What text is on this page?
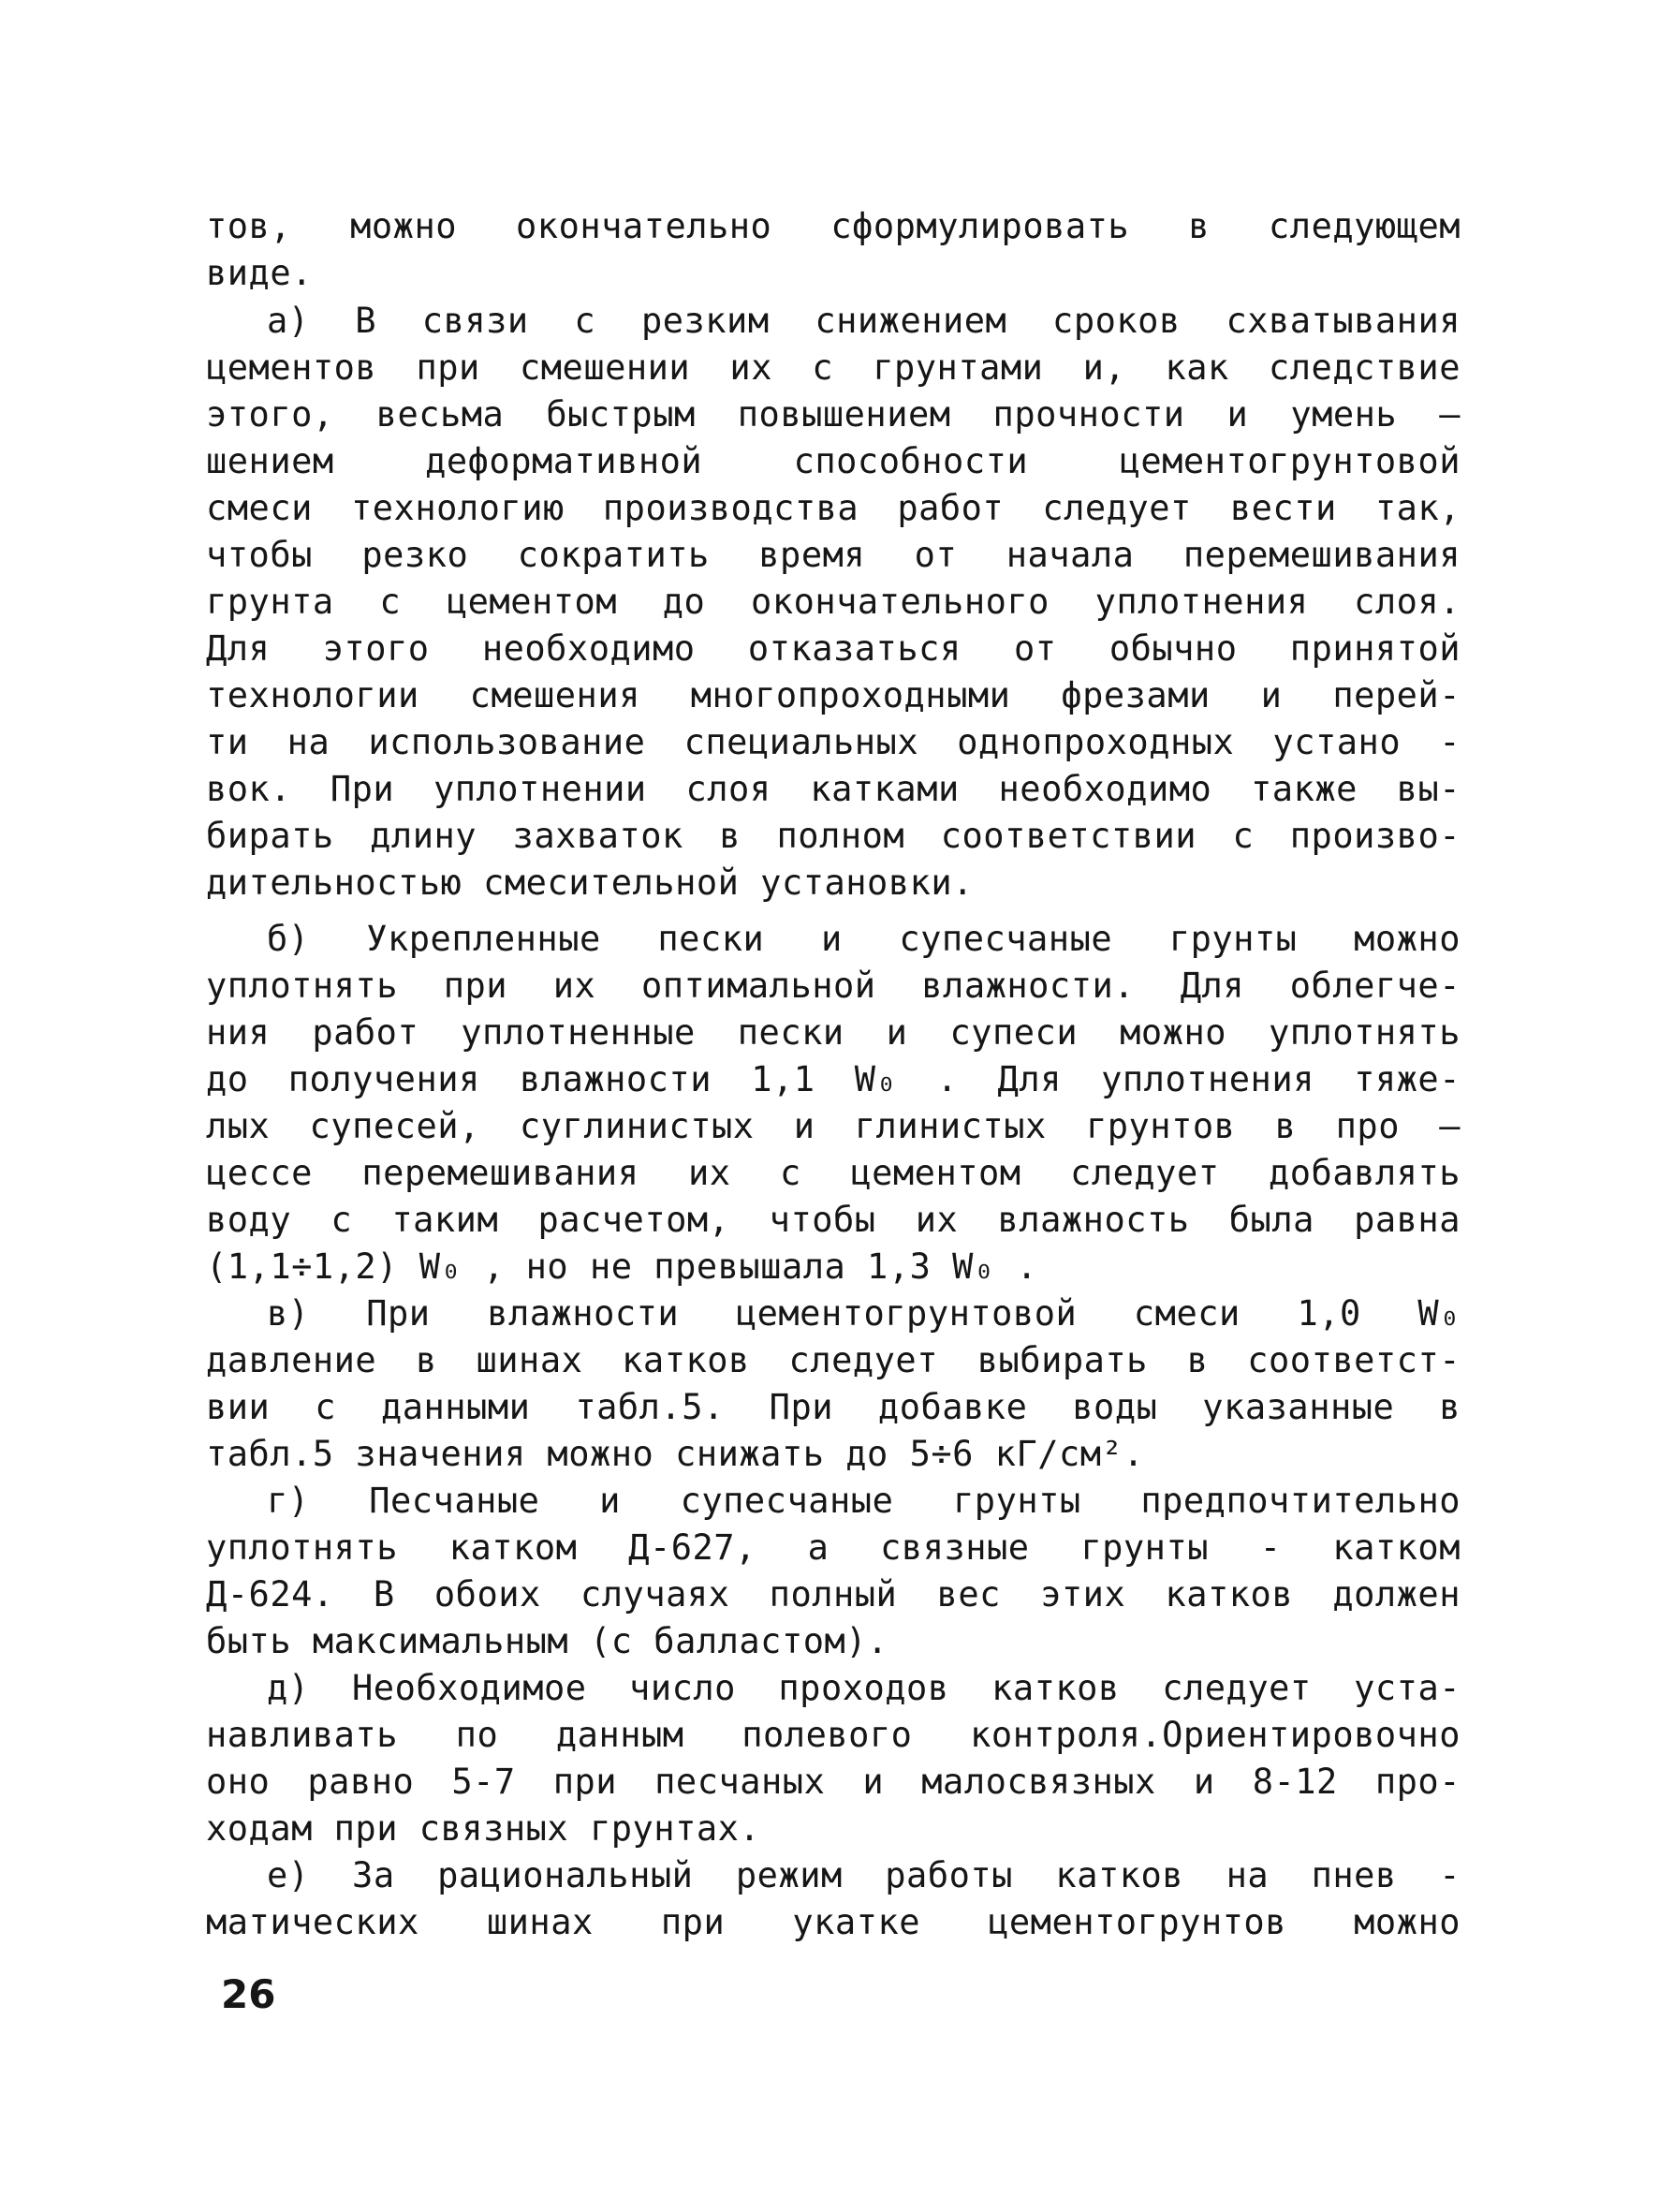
тов, можно окончательно сформулировать в следующем
виде.
а) В связи с резким снижением сроков схватывания
цементов при смешении их с грунтами и, как следствие
этого, весьма быстрым повышением прочности и умень –
шением деформативной способности цементогрунтовой
смеси технологию производства работ следует вести так,
чтобы резко сократить время от начала перемешивания
грунта с цементом до окончательного уплотнения слоя.
Для этого необходимо отказаться от обычно принятой
технологии смешения многопроходными фрезами и перей-
ти на использование специальных однопроходных устано -
вок. При уплотнении слоя катками необходимо также вы-
бирать длину захваток в полном соответствии с произво-
дительностью смесительной установки.
б) Укрепленные пески и супесчаные грунты можно
уплотнять при их оптимальной влажности. Для облегче-
ния работ уплотненные пески и супеси можно уплотнять
до получения влажности 1,1 W₀ . Для уплотнения тяже-
лых супесей, суглинистых и глинистых грунтов в про –
цессе перемешивания их с цементом следует добавлять
воду с таким расчетом, чтобы их влажность была равна
(1,1÷1,2) W₀ , но не превышала 1,3 W₀ .
в) При влажности цементогрунтовой смеси 1,0 W₀
давление в шинах катков следует выбирать в соответст-
вии с данными табл.5. При добавке воды указанные в
табл.5 значения можно снижать до 5÷6 кГ/см².
г) Песчаные и супесчаные грунты предпочтительно
уплотнять катком Д-627, а связные грунты - катком
Д-624. В обоих случаях полный вес этих катков должен
быть максимальным (с балластом).
д) Необходимое число проходов катков следует уста-
навливать по данным полевого контроля.Ориентировочно
оно равно 5-7 при песчаных и малосвязных и 8-12 про-
ходам при связных грунтах.
е) За рациональный режим работы катков на пнев -
матических шинах при укатке цементогрунтов можно

26
